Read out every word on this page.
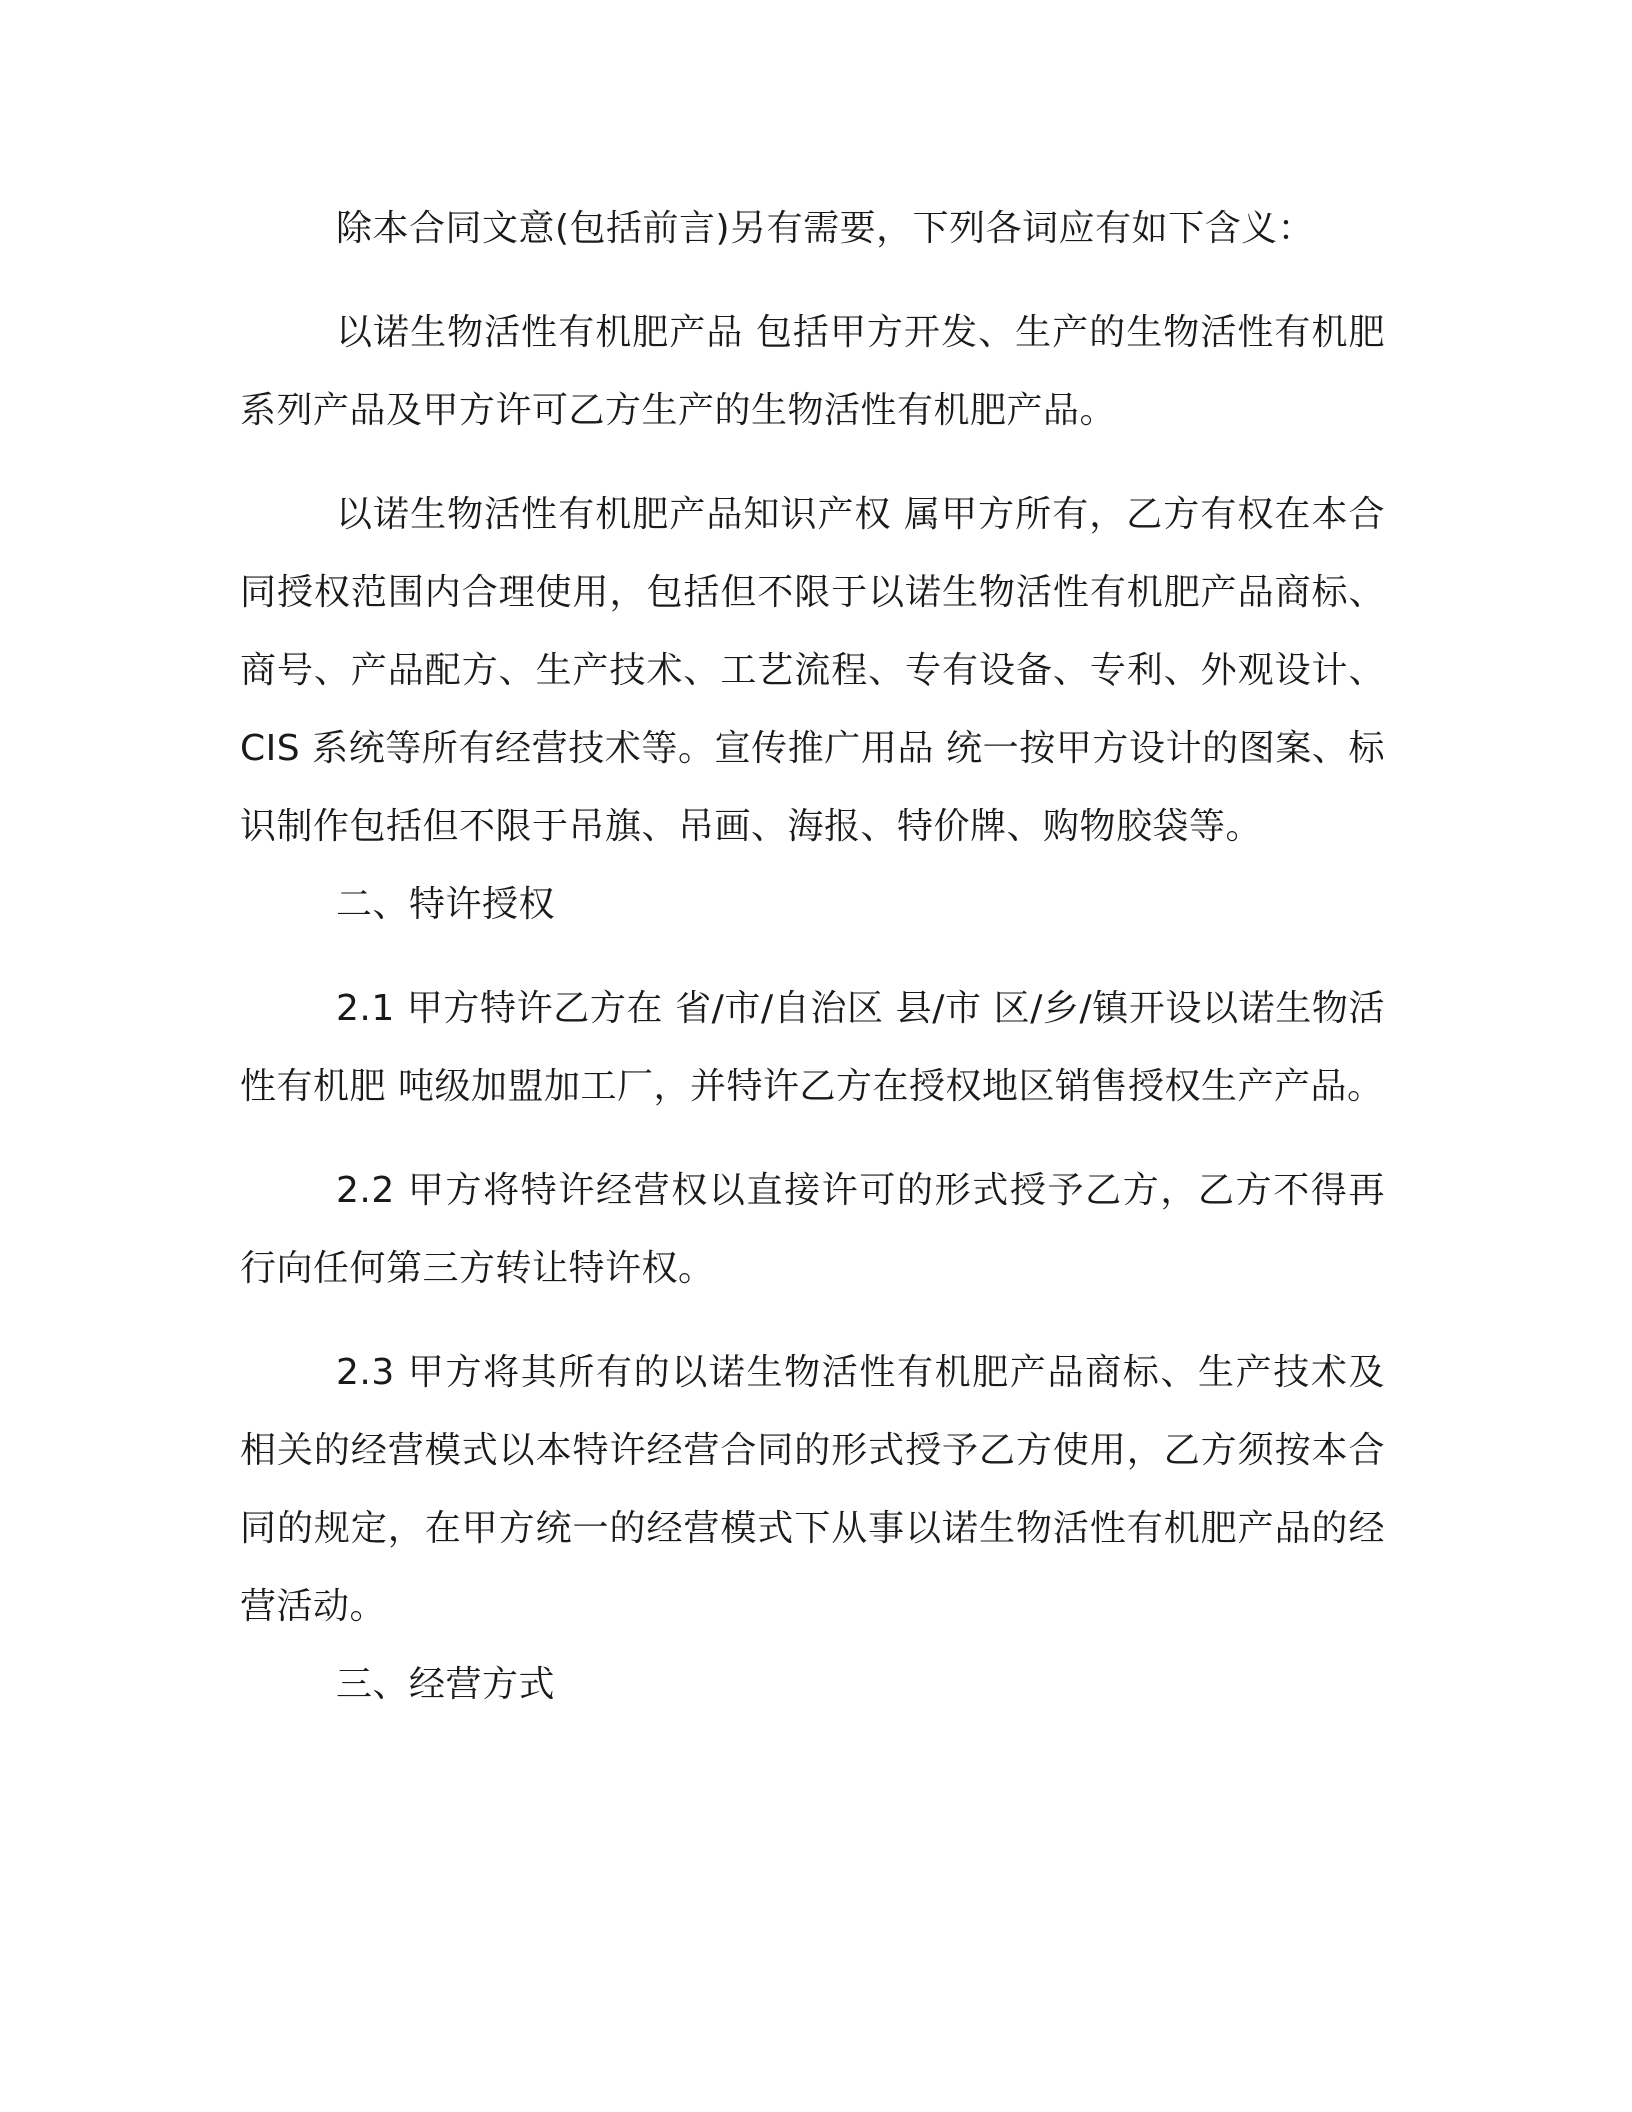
除本合同文意(包括前言)另有需要，下列各词应有如下含义：

以诺生物活性有机肥产品 包括甲方开发、生产的生物活性有机肥系列产品及甲方许可乙方生产的生物活性有机肥产品。

以诺生物活性有机肥产品知识产权 属甲方所有，乙方有权在本合同授权范围内合理使用，包括但不限于以诺生物活性有机肥产品商标、商号、产品配方、生产技术、工艺流程、专有设备、专利、外观设计、CIS 系统等所有经营技术等。宣传推广用品 统一按甲方设计的图案、标识制作包括但不限于吊旗、吊画、海报、特价牌、购物胶袋等。

二、特许授权

2.1 甲方特许乙方在 省/市/自治区 县/市 区/乡/镇开设以诺生物活性有机肥 吨级加盟加工厂，并特许乙方在授权地区销售授权生产产品。

2.2 甲方将特许经营权以直接许可的形式授予乙方，乙方不得再行向任何第三方转让特许权。

2.3 甲方将其所有的以诺生物活性有机肥产品商标、生产技术及相关的经营模式以本特许经营合同的形式授予乙方使用，乙方须按本合同的规定，在甲方统一的经营模式下从事以诺生物活性有机肥产品的经营活动。

三、经营方式
